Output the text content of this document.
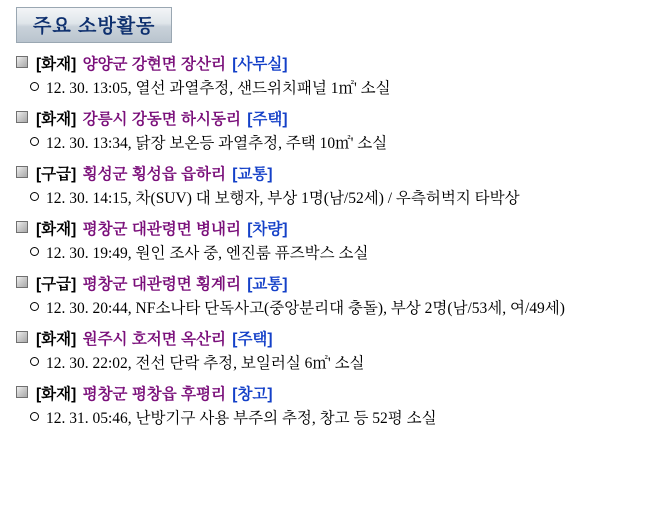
주요 소방활동
[화재] 양양군 강현면 장산리 [사무실]
12. 30. 13:05, 열선 과열추정, 샌드위치패널 1㎡' 소실
[화재] 강릉시 강동면 하시동리 [주택]
12. 30. 13:34, 닭장 보온등 과열추정, 주택 10㎡' 소실
[구급] 횡성군 횡성읍 읍하리 [교통]
12. 30. 14:15, 차(SUV) 대 보행자, 부상 1명(남/52세) / 우측허벅지 타박상
[화재] 평창군 대관령면 병내리 [차량]
12. 30. 19:49, 원인 조사 중, 엔진룸 퓨즈박스 소실
[구급] 평창군 대관령면 횡계리 [교통]
12. 30. 20:44, NF소나타 단독사고(중앙분리대 충돌), 부상 2명(남/53세, 여/49세)
[화재] 원주시 호저면 옥산리 [주택]
12. 30. 22:02, 전선 단락 추정, 보일러실 6㎡' 소실
[화재] 평창군 평창읍 후평리 [창고]
12. 31. 05:46, 난방기구 사용 부주의 추정, 창고 등 52평 소실
